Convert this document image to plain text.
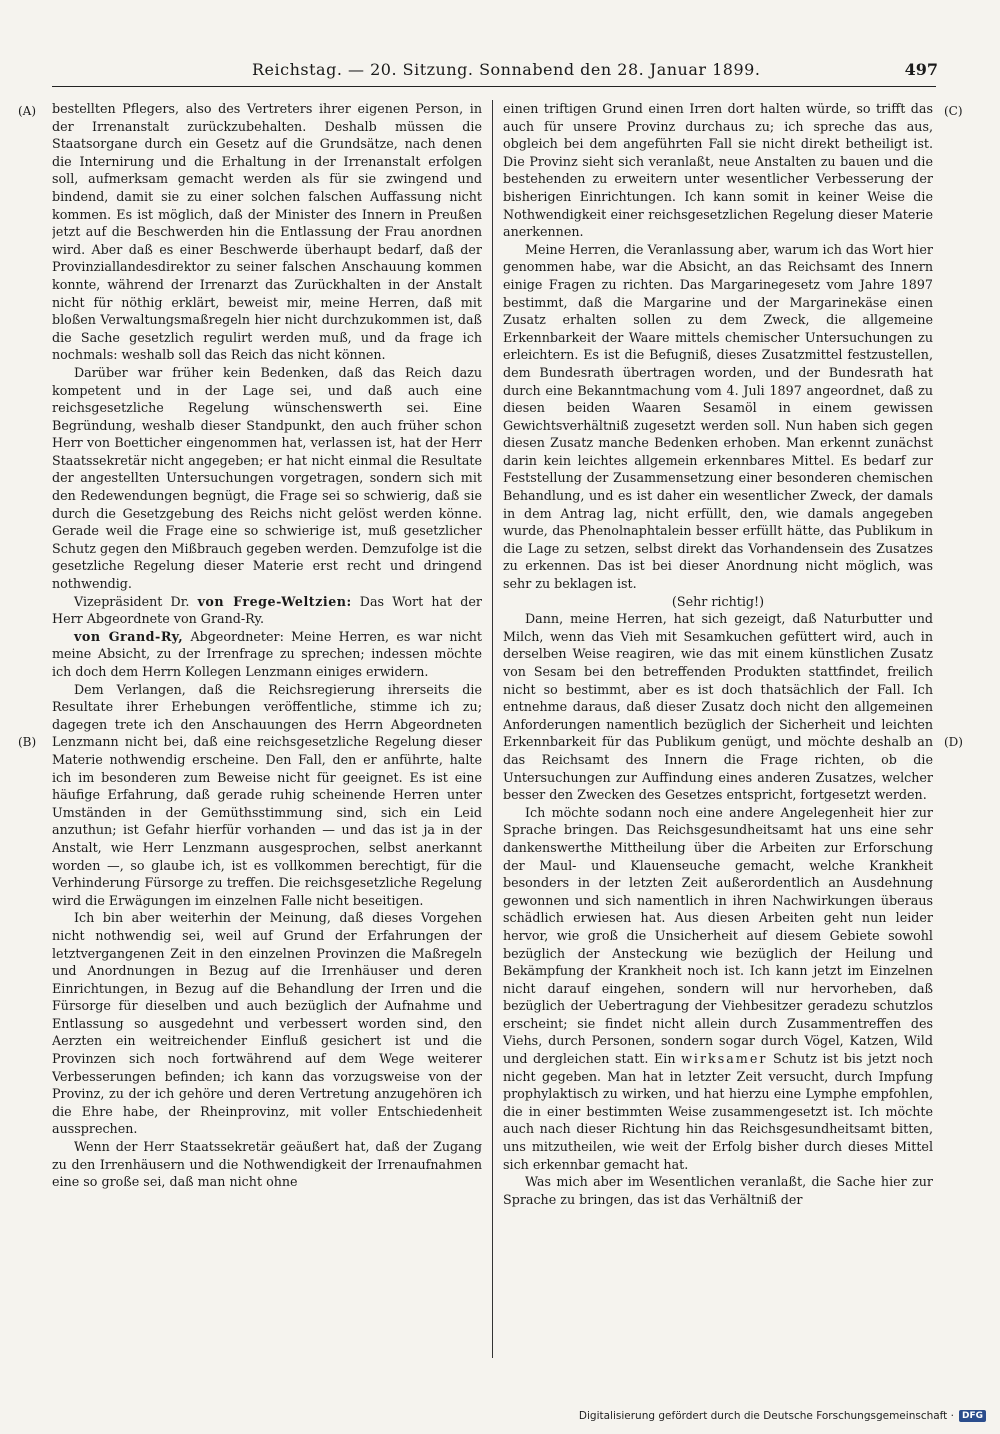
Reichstag. — 20. Sitzung. Sonnabend den 28. Januar 1899.	497
(A)
(B)
(C)
(D)

bestellten Pflegers, also des Vertreters ihrer eigenen Person, in der Irrenanstalt zurückzubehalten. Deshalb müssen die Staatsorgane durch ein Gesetz auf die Grundsätze, nach denen die Internirung und die Erhaltung in der Irrenanstalt erfolgen soll, aufmerksam gemacht werden als für sie zwingend und bindend, damit sie zu einer solchen falschen Auffassung nicht kommen. Es ist möglich, daß der Minister des Innern in Preußen jetzt auf die Beschwerden hin die Entlassung der Frau anordnen wird. Aber daß es einer Beschwerde überhaupt bedarf, daß der Provinziallandesdirektor zu seiner falschen Anschauung kommen konnte, während der Irrenarzt das Zurückhalten in der Anstalt nicht für nöthig erklärt, beweist mir, meine Herren, daß mit bloßen Verwaltungsmaßregeln hier nicht durchzukommen ist, daß die Sache gesetzlich regulirt werden muß, und da frage ich nochmals: weshalb soll das Reich das nicht können.

Darüber war früher kein Bedenken, daß das Reich dazu kompetent und in der Lage sei, und daß auch eine reichsgesetzliche Regelung wünschenswerth sei. Eine Begründung, weshalb dieser Standpunkt, den auch früher schon Herr von Boetticher eingenommen hat, verlassen ist, hat der Herr Staatssekretär nicht angegeben; er hat nicht einmal die Resultate der angestellten Untersuchungen vorgetragen, sondern sich mit den Redewendungen begnügt, die Frage sei so schwierig, daß sie durch die Gesetzgebung des Reichs nicht gelöst werden könne. Gerade weil die Frage eine so schwierige ist, muß gesetzlicher Schutz gegen den Mißbrauch gegeben werden. Demzufolge ist die gesetzliche Regelung dieser Materie erst recht und dringend nothwendig.

Vizepräsident Dr. von Frege-Weltzien: Das Wort hat der Herr Abgeordnete von Grand-Ry.

von Grand-Ry, Abgeordneter: Meine Herren, es war nicht meine Absicht, zu der Irrenfrage zu sprechen; indessen möchte ich doch dem Herrn Kollegen Lenzmann einiges erwidern.

Dem Verlangen, daß die Reichsregierung ihrerseits die Resultate ihrer Erhebungen veröffentliche, stimme ich zu; dagegen trete ich den Anschauungen des Herrn Abgeordneten Lenzmann nicht bei, daß eine reichsgesetzliche Regelung dieser Materie nothwendig erscheine. Den Fall, den er anführte, halte ich im besonderen zum Beweise nicht für geeignet. Es ist eine häufige Erfahrung, daß gerade ruhig scheinende Herren unter Umständen in der Gemüthsstimmung sind, sich ein Leid anzuthun; ist Gefahr hierfür vorhanden — und das ist ja in der Anstalt, wie Herr Lenzmann ausgesprochen, selbst anerkannt worden —, so glaube ich, ist es vollkommen berechtigt, für die Verhinderung Fürsorge zu treffen. Die reichsgesetzliche Regelung wird die Erwägungen im einzelnen Falle nicht beseitigen.

Ich bin aber weiterhin der Meinung, daß dieses Vorgehen nicht nothwendig sei, weil auf Grund der Erfahrungen der letztvergangenen Zeit in den einzelnen Provinzen die Maßregeln und Anordnungen in Bezug auf die Irrenhäuser und deren Einrichtungen, in Bezug auf die Behandlung der Irren und die Fürsorge für dieselben und auch bezüglich der Aufnahme und Entlassung so ausgedehnt und verbessert worden sind, den Aerzten ein weitreichender Einfluß gesichert ist und die Provinzen sich noch fortwährend auf dem Wege weiterer Verbesserungen befinden; ich kann das vorzugsweise von der Provinz, zu der ich gehöre und deren Vertretung anzugehören ich die Ehre habe, der Rheinprovinz, mit voller Entschiedenheit aussprechen.

Wenn der Herr Staatssekretär geäußert hat, daß der Zugang zu den Irrenhäusern und die Nothwendigkeit der Irrenaufnahmen eine so große sei, daß man nicht ohne

einen triftigen Grund einen Irren dort halten würde, so trifft das auch für unsere Provinz durchaus zu; ich spreche das aus, obgleich bei dem angeführten Fall sie nicht direkt betheiligt ist. Die Provinz sieht sich veranlaßt, neue Anstalten zu bauen und die bestehenden zu erweitern unter wesentlicher Verbesserung der bisherigen Einrichtungen. Ich kann somit in keiner Weise die Nothwendigkeit einer reichsgesetzlichen Regelung dieser Materie anerkennen.

Meine Herren, die Veranlassung aber, warum ich das Wort hier genommen habe, war die Absicht, an das Reichsamt des Innern einige Fragen zu richten. Das Margarinegesetz vom Jahre 1897 bestimmt, daß die Margarine und der Margarinekäse einen Zusatz erhalten sollen zu dem Zweck, die allgemeine Erkennbarkeit der Waare mittels chemischer Untersuchungen zu erleichtern. Es ist die Befugniß, dieses Zusatzmittel festzustellen, dem Bundesrath übertragen worden, und der Bundesrath hat durch eine Bekanntmachung vom 4. Juli 1897 angeordnet, daß zu diesen beiden Waaren Sesamöl in einem gewissen Gewichtsverhältniß zugesetzt werden soll. Nun haben sich gegen diesen Zusatz manche Bedenken erhoben. Man erkennt zunächst darin kein leichtes allgemein erkennbares Mittel. Es bedarf zur Feststellung der Zusammensetzung einer besonderen chemischen Behandlung, und es ist daher ein wesentlicher Zweck, der damals in dem Antrag lag, nicht erfüllt, den, wie damals angegeben wurde, das Phenolnaphtalein besser erfüllt hätte, das Publikum in die Lage zu setzen, selbst direkt das Vorhandensein des Zusatzes zu erkennen. Das ist bei dieser Anordnung nicht möglich, was sehr zu beklagen ist.

(Sehr richtig!)

Dann, meine Herren, hat sich gezeigt, daß Naturbutter und Milch, wenn das Vieh mit Sesamkuchen gefüttert wird, auch in derselben Weise reagiren, wie das mit einem künstlichen Zusatz von Sesam bei den betreffenden Produkten stattfindet, freilich nicht so bestimmt, aber es ist doch thatsächlich der Fall. Ich entnehme daraus, daß dieser Zusatz doch nicht den allgemeinen Anforderungen namentlich bezüglich der Sicherheit und leichten Erkennbarkeit für das Publikum genügt, und möchte deshalb an das Reichsamt des Innern die Frage richten, ob die Untersuchungen zur Auffindung eines anderen Zusatzes, welcher besser den Zwecken des Gesetzes entspricht, fortgesetzt werden.

Ich möchte sodann noch eine andere Angelegenheit hier zur Sprache bringen. Das Reichsgesundheitsamt hat uns eine sehr dankenswerthe Mittheilung über die Arbeiten zur Erforschung der Maul- und Klauenseuche gemacht, welche Krankheit besonders in der letzten Zeit außerordentlich an Ausdehnung gewonnen und sich namentlich in ihren Nachwirkungen überaus schädlich erwiesen hat. Aus diesen Arbeiten geht nun leider hervor, wie groß die Unsicherheit auf diesem Gebiete sowohl bezüglich der Ansteckung wie bezüglich der Heilung und Bekämpfung der Krankheit noch ist. Ich kann jetzt im Einzelnen nicht darauf eingehen, sondern will nur hervorheben, daß bezüglich der Uebertragung der Viehbesitzer geradezu schutzlos erscheint; sie findet nicht allein durch Zusammentreffen des Viehs, durch Personen, sondern sogar durch Vögel, Katzen, Wild und dergleichen statt. Ein wirksamer Schutz ist bis jetzt noch nicht gegeben. Man hat in letzter Zeit versucht, durch Impfung prophylaktisch zu wirken, und hat hierzu eine Lymphe empfohlen, die in einer bestimmten Weise zusammengesetzt ist. Ich möchte auch nach dieser Richtung hin das Reichsgesundheitsamt bitten, uns mitzutheilen, wie weit der Erfolg bisher durch dieses Mittel sich erkennbar gemacht hat.

Was mich aber im Wesentlichen veranlaßt, die Sache hier zur Sprache zu bringen, das ist das Verhältniß der

Digitalisierung gefördert durch die Deutsche Forschungsgemeinschaft · DFG
